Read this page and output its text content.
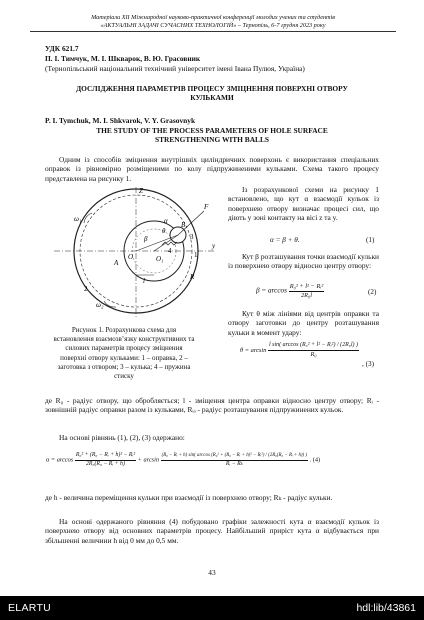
Матеріали XII Міжнародної науково-практичної конференції молодих учених та студентів
«АКТУАЛЬНІ ЗАДАЧІ СУЧАСНИХ ТЕХНОЛОГІЙ» – Тернопіль, 6-7 грудня 2023 року
УДК 621.7
П. І. Тимчук, М. І. Шкварок, В. Ю. Грасовник
(Тернопільський національний технічний університет імені Івана Пулюя, Україна)
ДОСЛІДЖЕННЯ ПАРАМЕТРІВ ПРОЦЕСУ ЗМІЦНЕННЯ ПОВЕРХНІ ОТВОРУ КУЛЬКАМИ
P. I. Tymchuk, M. I. Shkvarok, V. Y. Grasovnyk
THE STUDY OF THE PROCESS PARAMETERS OF HOLE SURFACE STRENGTHENING WITH BALLS
Одним із способів зміцнення внутрішніх циліндричних поверхонь є використання спеціальних оправок із рівномірно розміщеними по колу підпружиненими кульками. Схема такого процесу представлена на рисунку 1.
Z
y
F
A
B
O	O₁
l	R
α
β
θ
ω₁
ω₂
1
2
3
4
Рисунок 1. Розрахункова схема для встановлення взаємозв’язку конструктивних та силових параметрів процесу зміцнення поверхні отвору кульками: 1 – оправка, 2 – заготовка з отвором; 3 – кулька; 4 – пружина стиску
Із розрахункової схеми на рисунку 1 встановлено, що кут α взаємодії кульок із поверхнею отвору визначає процесі сил, що діють у зоні контакту на вісі z та y.
α = β + θ.	(1)
Кут β розташування точки взаємодії кульки із поверхнею отвору відносно центру отвору:
$\beta = \arccos \frac{\text{R₀² + l² − Rᵢ²}}{\text{2R₀l}}$	(2)
Кут θ між лініями від центрів оправки та отвору заготовки до центру розташування кульки в момент удару:
$\theta = \arcsin \frac{\text{l sin( arccos (R₀² + l² − Rᵢ²) / (2R₀l) )}}{\text{R₀}}$
, (3)
де R₀ - радіус отвору, що обробляється; l - зміщення центра оправки відносно центру отвору; Rᵢ - зовнішній радіус оправки разом із кульками, Rᵢₒ - радіус розташування підпружинених кульок.
На основі рівнянь (1), (2), (3) одержано:
$\alpha = \arccos \frac{\text{R₀² + (R₀ − Rᵢ + h)² − Rᵢ²}}{\text{2R₀(R₀ − Rᵢ + h)}} + \arcsin$
(R₀ − Rᵢ + h) sin( arccos (R₀² + (R₀ − Rᵢ + h)² − Rᵢ²) / (2R₀(R₀ − Rᵢ + h)) )
Rᵢ − Rₖ	. (4)
де h - величина переміщення кульки при взаємодії із поверхнею отвору; Rₖ - радіус кульки.
На основі одержаного рівняння (4) побудовано графіки залежності кута α взаємодії кульок із поверхнею отвору від основних параметрів процесу. Найбільший приріст кута α відбувається при збільшенні величини h від 0 мм до 0,5 мм.
43
ELARTU	hdl:lib/43861
